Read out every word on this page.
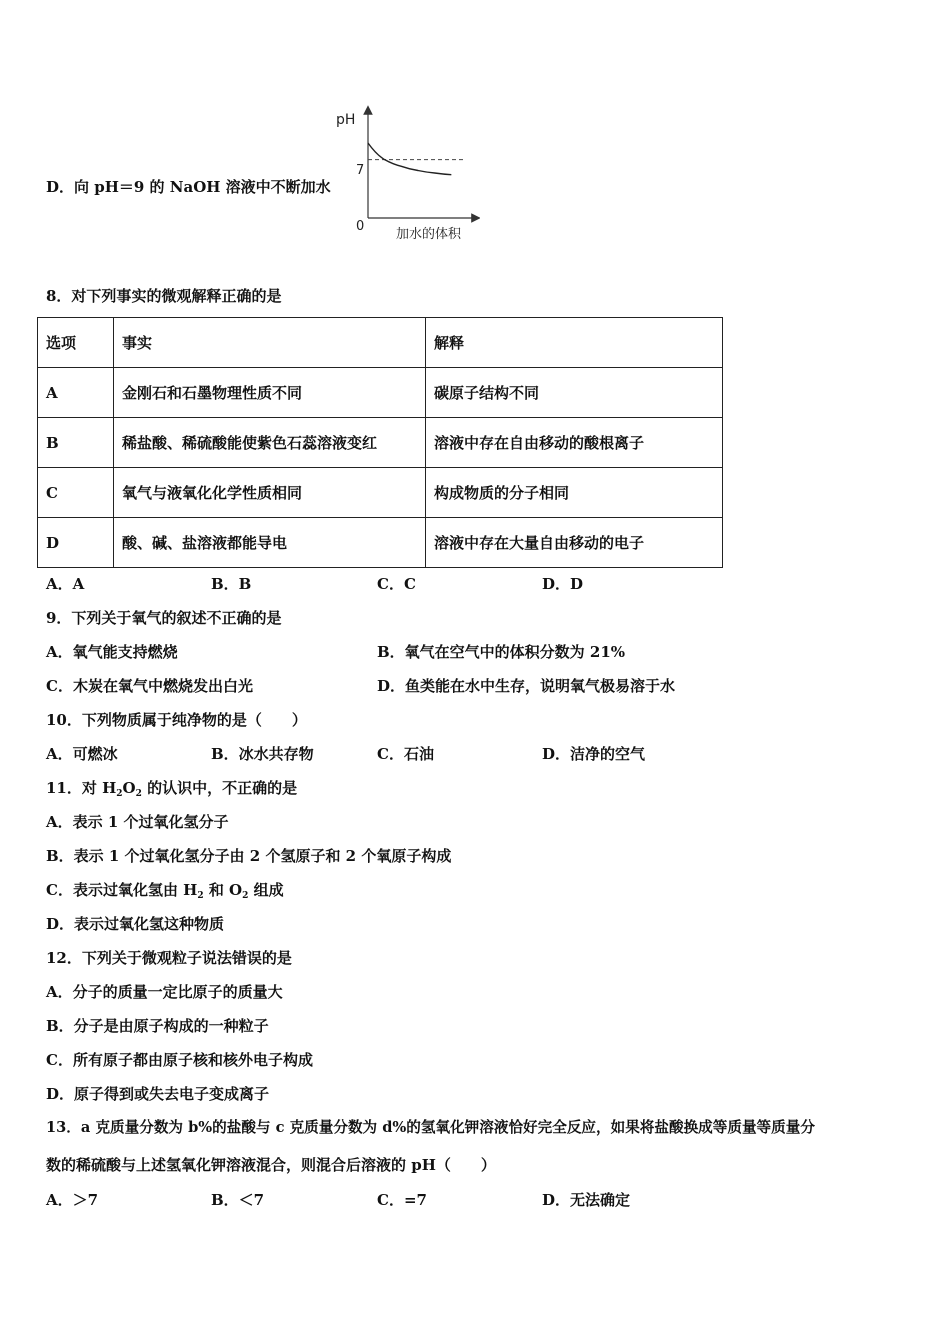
D．向 pH＝9 的 NaOH 溶液中不断加水
pH
7
0
加水的体积
8．对下列事实的微观解释正确的是
选项	事实	解释
A	金刚石和石墨物理性质不同	碳原子结构不同
B	稀盐酸、稀硫酸能使紫色石蕊溶液变红	溶液中存在自由移动的酸根离子
C	氧气与液氧化化学性质相同	构成物质的分子相同
D	酸、碱、盐溶液都能导电	溶液中存在大量自由移动的电子
A．A	B．B	C．C	D．D
9．下列关于氧气的叙述不正确的是
A．氧气能支持燃烧	B．氧气在空气中的体积分数为 21%
C．木炭在氧气中燃烧发出白光	D．鱼类能在水中生存，说明氧气极易溶于水
10．下列物质属于纯净物的是（　　）
A．可燃冰	B．冰水共存物	C．石油	D．洁净的空气
11．对 $H_2O_2$ 的认识中，不正确的是
A．表示 1 个过氧化氢分子
B．表示 1 个过氧化氢分子由 2 个氢原子和 2 个氧原子构成
C．表示过氧化氢由 $H_2$ 和 $O_2$ 组成
D．表示过氧化氢这种物质
12．下列关于微观粒子说法错误的是
A．分子的质量一定比原子的质量大
B．分子是由原子构成的一种粒子
C．所有原子都由原子核和核外电子构成
D．原子得到或失去电子变成离子
13．a 克质量分数为 b%的盐酸与 c 克质量分数为 d%的氢氧化钾溶液恰好完全反应，如果将盐酸换成等质量等质量分
数的稀硫酸与上述氢氧化钾溶液混合，则混合后溶液的 pH（　　）
A．＞7	B．＜7	C．=7	D．无法确定
